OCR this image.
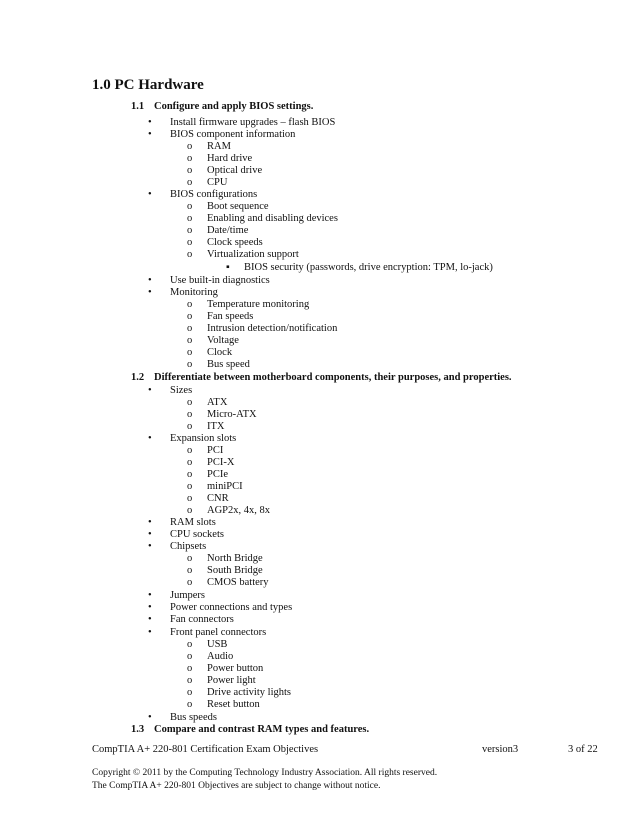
1.0 PC Hardware
1.1 Configure and apply BIOS settings.
• Install firmware upgrades – flash BIOS
• BIOS component information
o RAM
o Hard drive
o Optical drive
o CPU
• BIOS configurations
o Boot sequence
o Enabling and disabling devices
o Date/time
o Clock speeds
o Virtualization support
▪ BIOS security (passwords, drive encryption: TPM, lo-jack)
• Use built-in diagnostics
• Monitoring
o Temperature monitoring
o Fan speeds
o Intrusion detection/notification
o Voltage
o Clock
o Bus speed
1.2 Differentiate between motherboard components, their purposes, and properties.
• Sizes
o ATX
o Micro-ATX
o ITX
• Expansion slots
o PCI
o PCI-X
o PCIe
o miniPCI
o CNR
o AGP2x, 4x, 8x
• RAM slots
• CPU sockets
• Chipsets
o North Bridge
o South Bridge
o CMOS battery
• Jumpers
• Power connections and types
• Fan connectors
• Front panel connectors
o USB
o Audio
o Power button
o Power light
o Drive activity lights
o Reset button
• Bus speeds
1.3 Compare and contrast RAM types and features.
CompTIA A+ 220-801 Certification Exam Objectives	version3	3 of 22
Copyright © 2011 by the Computing Technology Industry Association. All rights reserved.
The CompTIA A+ 220-801 Objectives are subject to change without notice.
